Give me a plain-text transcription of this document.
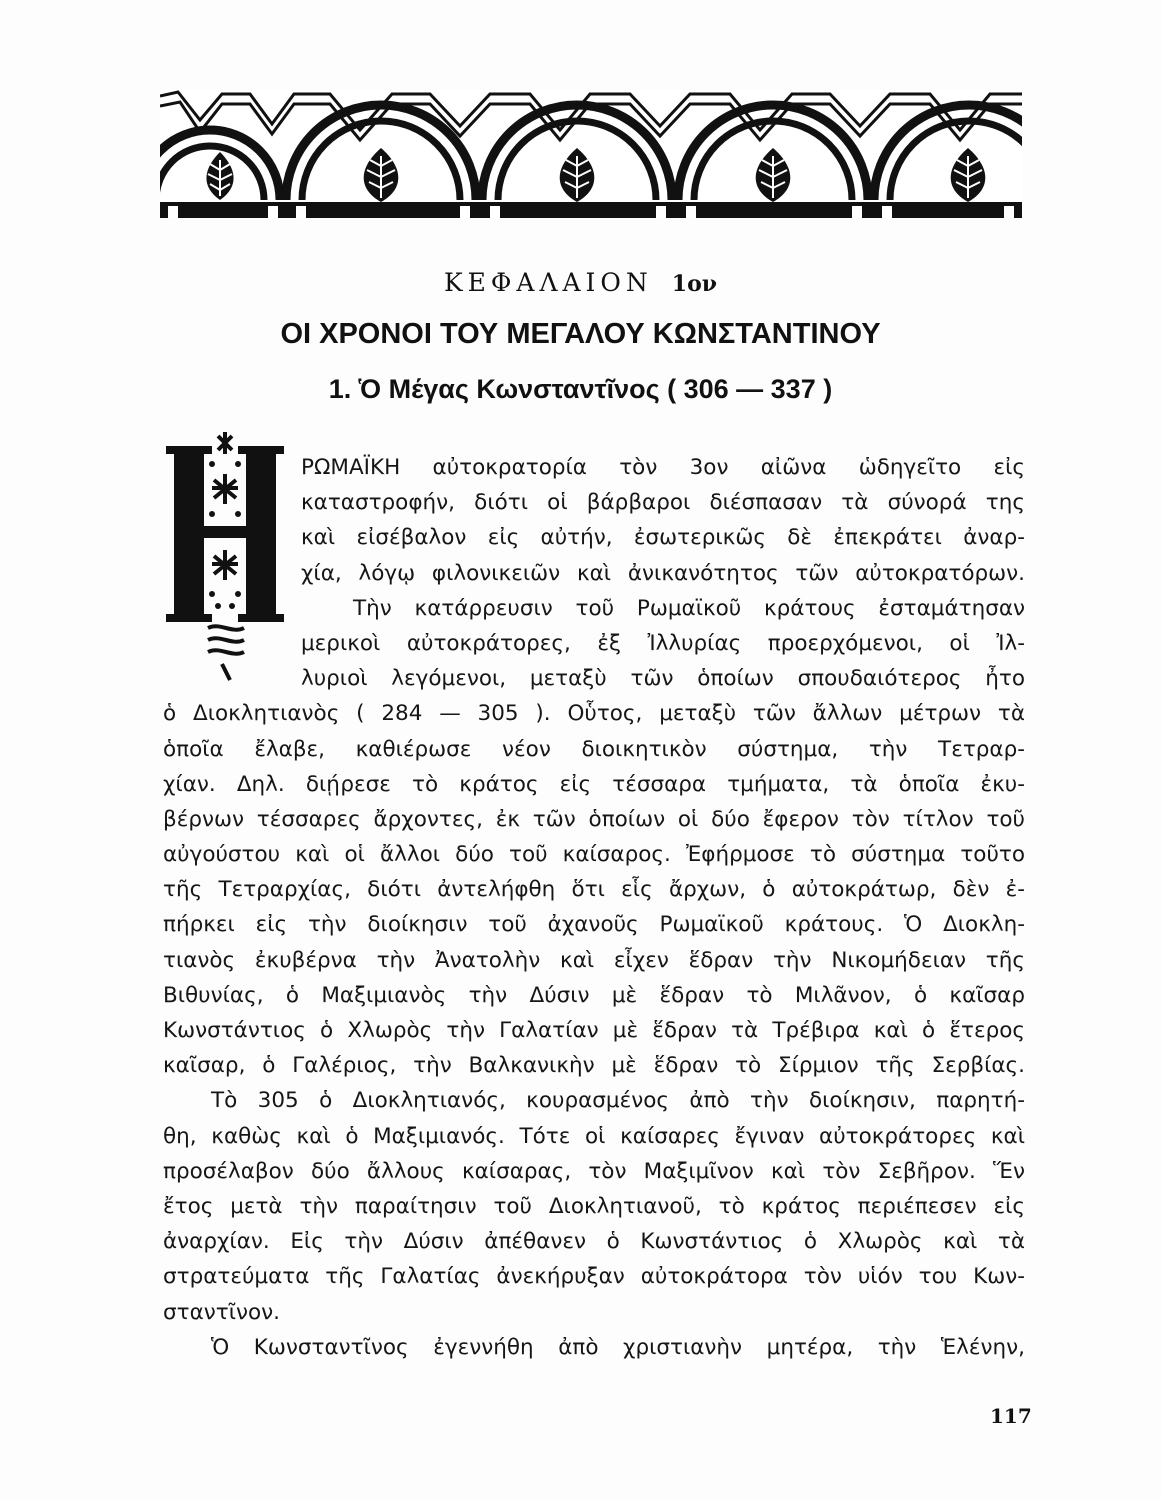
ΚΕΦΑΛΑΙΟΝ 1ον
ΟΙ ΧΡΟΝΟΙ ΤΟΥ ΜΕΓΑΛΟΥ ΚΩΝΣΤΑΝΤΙΝΟΥ
1. Ὁ Μέγας Κωνσταντῖνος ( 306 — 337 )
Η
ΡΩΜΑΪΚΗ αὐτοκρατορία τὸν 3ον αἰῶνα ὡδηγεῖτο εἰς
καταστροφήν, διότι οἱ βάρβαροι διέσπασαν τὰ σύνορά της
καὶ εἰσέβαλον εἰς αὐτήν, ἐσωτερικῶς δὲ ἐπεκράτει ἀναρ-
χία, λόγῳ φιλονικειῶν καὶ ἀνικανότητος τῶν αὐτοκρατόρων.
Τὴν κατάρρευσιν τοῦ Ρωμαϊκοῦ κράτους ἐσταμάτησαν
μερικοὶ αὐτοκράτορες, ἐξ Ἰλλυρίας προερχόμενοι, οἱ Ἰλ-
λυριοὶ λεγόμενοι, μεταξὺ τῶν ὁποίων σπουδαιότερος ἦτο
ὁ Διοκλητιανὸς ( 284 — 305 ). Οὗτος, μεταξὺ τῶν ἄλλων μέτρων τὰ
ὁποῖα ἔλαβε, καθιέρωσε νέον διοικητικὸν σύστημα, τὴν Τετραρ-
χίαν. Δηλ. διῄρεσε τὸ κράτος εἰς τέσσαρα τμήματα, τὰ ὁποῖα ἐκυ-
βέρνων τέσσαρες ἄρχοντες, ἐκ τῶν ὁποίων οἱ δύο ἔφερον τὸν τίτλον τοῦ
αὐγούστου καὶ οἱ ἄλλοι δύο τοῦ καίσαρος. Ἐφήρμοσε τὸ σύστημα τοῦτο
τῆς Τετραρχίας, διότι ἀντελήφθη ὅτι εἷς ἄρχων, ὁ αὐτοκράτωρ, δὲν ἐ-
πήρκει εἰς τὴν διοίκησιν τοῦ ἀχανοῦς Ρωμαϊκοῦ κράτους. Ὁ Διοκλη-
τιανὸς ἐκυβέρνα τὴν Ἀνατολὴν καὶ εἶχεν ἕδραν τὴν Νικομήδειαν τῆς
Βιθυνίας, ὁ Μαξιμιανὸς τὴν Δύσιν μὲ ἕδραν τὸ Μιλᾶνον, ὁ καῖσαρ
Κωνστάντιος ὁ Χλωρὸς τὴν Γαλατίαν μὲ ἕδραν τὰ Τρέβιρα καὶ ὁ ἕτερος
καῖσαρ, ὁ Γαλέριος, τὴν Βαλκανικὴν μὲ ἕδραν τὸ Σίρμιον τῆς Σερβίας.
Τὸ 305 ὁ Διοκλητιανός, κουρασμένος ἀπὸ τὴν διοίκησιν, παρητή-
θη, καθὼς καὶ ὁ Μαξιμιανός. Τότε οἱ καίσαρες ἔγιναν αὐτοκράτορες καὶ
προσέλαβον δύο ἄλλους καίσαρας, τὸν Μαξιμῖνον καὶ τὸν Σεβῆρον. Ἕν
ἔτος μετὰ τὴν παραίτησιν τοῦ Διοκλητιανοῦ, τὸ κράτος περιέπεσεν εἰς
ἀναρχίαν. Εἰς τὴν Δύσιν ἀπέθανεν ὁ Κωνστάντιος ὁ Χλωρὸς καὶ τὰ
στρατεύματα τῆς Γαλατίας ἀνεκήρυξαν αὐτοκράτορα τὸν υἱόν του Κων-
σταντῖνον.
Ὁ Κωνσταντῖνος ἐγεννήθη ἀπὸ χριστιανὴν μητέρα, τὴν Ἑλένην,
117
